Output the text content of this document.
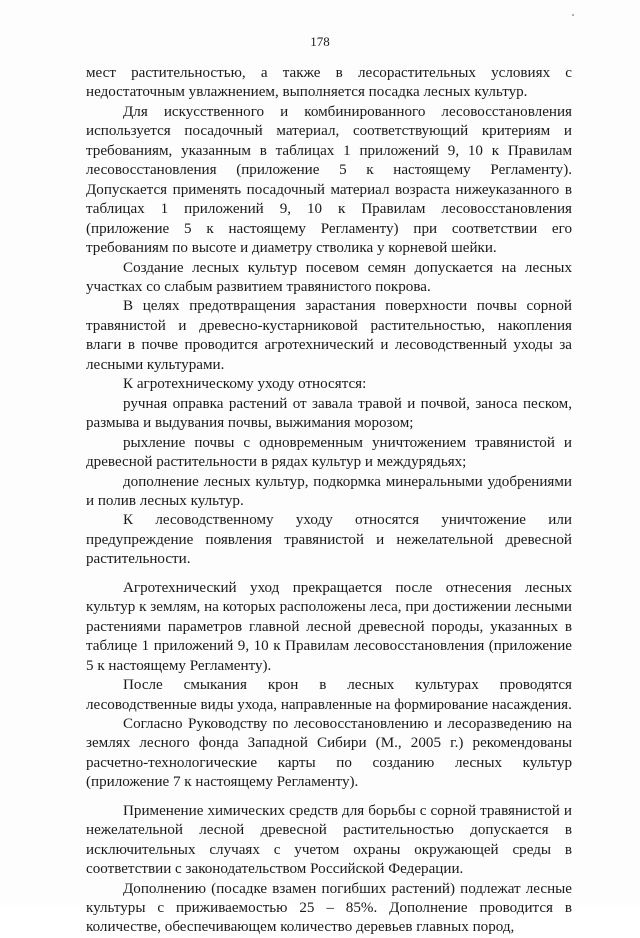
178

мест растительностью, а также в лесорастительных условиях с недостаточным увлажнением, выполняется посадка лесных культур.

Для искусственного и комбинированного лесовосстановления используется посадочный материал, соответствующий критериям и требованиям, указанным в таблицах 1 приложений 9, 10 к Правилам лесовосстановления (приложение 5 к настоящему Регламенту). Допускается применять посадочный материал возраста нижеуказанного в таблицах 1 приложений 9, 10 к Правилам лесовосстановления (приложение 5 к настоящему Регламенту) при соответствии его требованиям по высоте и диаметру стволика у корневой шейки.

Создание лесных культур посевом семян допускается на лесных участках со слабым развитием травянистого покрова.

В целях предотвращения зарастания поверхности почвы сорной травянистой и древесно-кустарниковой растительностью, накопления влаги в почве проводится агротехнический и лесоводственный уходы за лесными культурами.

К агротехническому уходу относятся:

ручная оправка растений от завала травой и почвой, заноса песком, размыва и выдувания почвы, выжимания морозом;

рыхление почвы с одновременным уничтожением травянистой и древесной растительности в рядах культур и междурядьях;

дополнение лесных культур, подкормка минеральными удобрениями и полив лесных культур.

К лесоводственному уходу относятся уничтожение или предупреждение появления травянистой и нежелательной древесной растительности.

Агротехнический уход прекращается после отнесения лесных культур к землям, на которых расположены леса, при достижении лесными растениями параметров главной лесной древесной породы, указанных в таблице 1 приложений 9, 10 к Правилам лесовосстановления (приложение 5 к настоящему Регламенту).

После смыкания крон в лесных культурах проводятся лесоводственные виды ухода, направленные на формирование насаждения.

Согласно Руководству по лесовосстановлению и лесоразведению на землях лесного фонда Западной Сибири (М., 2005 г.) рекомендованы расчетно-технологические карты по созданию лесных культур (приложение 7 к настоящему Регламенту).

Применение химических средств для борьбы с сорной травянистой и нежелательной лесной древесной растительностью допускается в исключительных случаях с учетом охраны окружающей среды в соответствии с законодательством Российской Федерации.

Дополнению (посадке взамен погибших растений) подлежат лесные культуры с приживаемостью 25 – 85%. Дополнение проводится в количестве, обеспечивающем количество деревьев главных пород,
